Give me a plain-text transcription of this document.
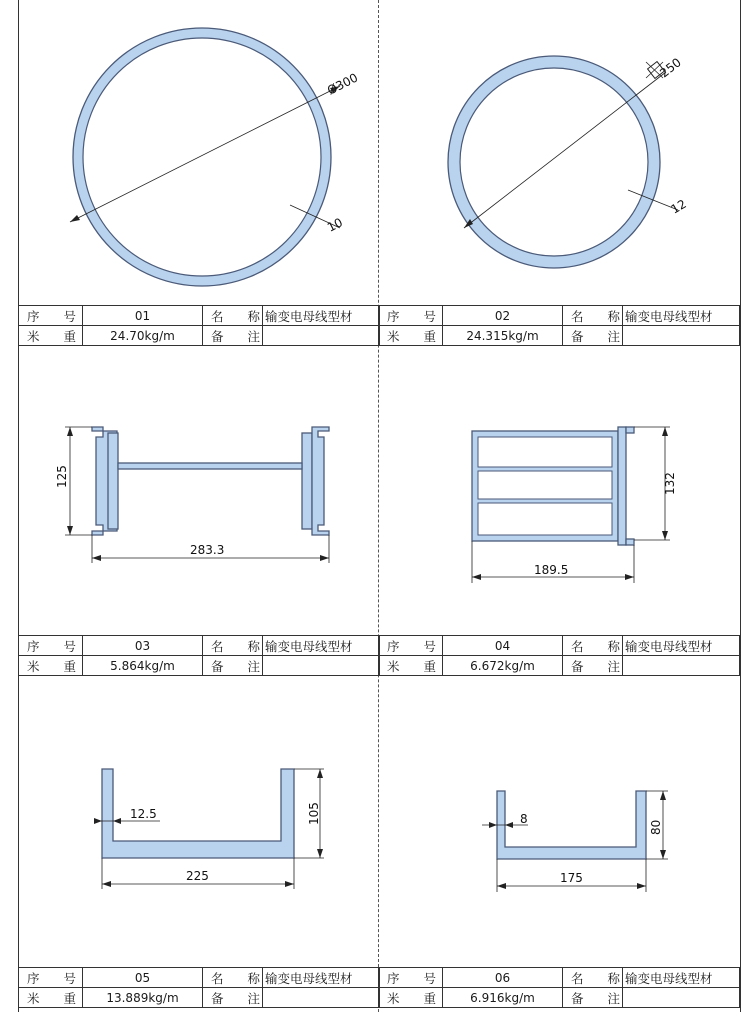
Ø300
10
250
12
序 号	01	名 称	输变电母线型材
米 重	24.70kg/m	备 注	
序 号	02	名 称	输变电母线型材
米 重	24.315kg/m	备 注	
125
283.3
132
189.5
序 号	03	名 称	输变电母线型材
米 重	5.864kg/m	备 注	
序 号	04	名 称	输变电母线型材
米 重	6.672kg/m	备 注	
12.5	105
225
8
80
175
序 号	05	名 称	输变电母线型材
米 重	13.889kg/m	备 注	
序 号	06	名 称	输变电母线型材
米 重	6.916kg/m	备 注	
